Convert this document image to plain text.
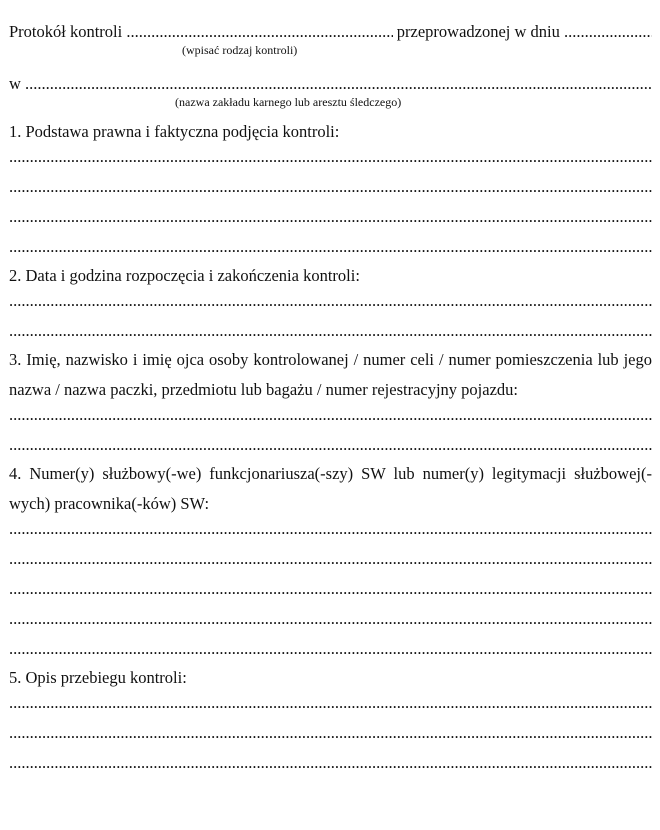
Protokół kontroli

.....
	przeprowadzonej w dniu

.....
(wpisać rodzaj kontroli)
w

.....
(nazwa zakładu karnego lub aresztu śledczego)
1. Podstawa prawna i faktyczna podjęcia kontroli:
.....
.....
.....
.....
2. Data i godzina rozpoczęcia i zakończenia kontroli:
.....
.....
3. Imię, nazwisko i imię ojca osoby kontrolowanej / numer celi / numer pomieszczenia lub jego nazwa / nazwa paczki, przedmiotu lub bagażu / numer rejestracyjny pojazdu:
.....
.....
4. Numer(y) służbowy(-we) funkcjonariusza(-szy) SW lub numer(y) legitymacji służbowej(-wych) pracownika(-ków) SW:
.....
.....
.....
.....
.....
5. Opis przebiegu kontroli:
.....
.....
.....
